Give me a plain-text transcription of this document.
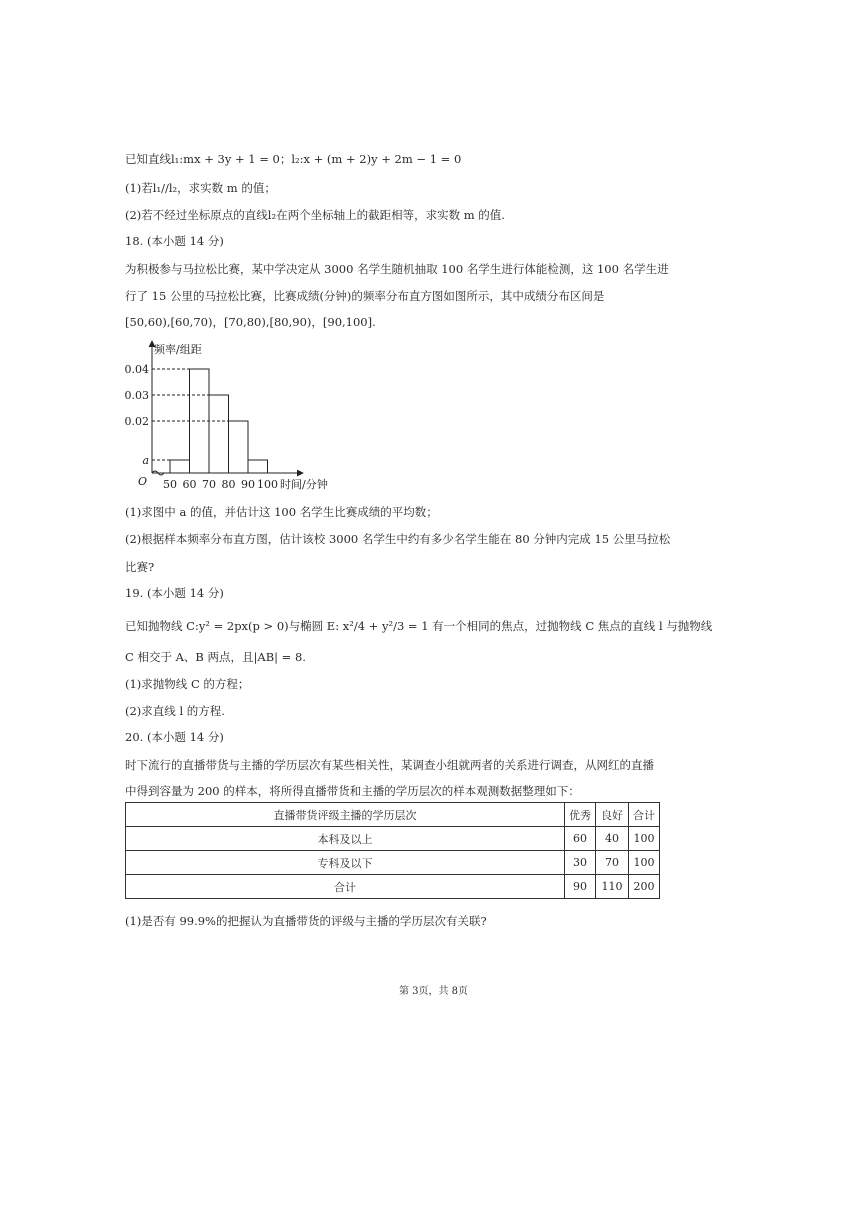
已知直线l₁:mx + 3y + 1 = 0；l₂:x + (m + 2)y + 2m − 1 = 0
(1)若l₁//l₂，求实数 m 的值；
(2)若不经过坐标原点的直线l₂在两个坐标轴上的截距相等，求实数 m 的值.
18. (本小题 14 分)
为积极参与马拉松比赛，某中学决定从 3000 名学生随机抽取 100 名学生进行体能检测，这 100 名学生进
行了 15 公里的马拉松比赛，比赛成绩(分钟)的频率分布直方图如图所示，其中成绩分布区间是
[50,60),[60,70)，[70,80),[80,90)，[90,100].
0.04
0.03
0.02
a
50 60 70 80 90 100
频率/组距
时间/分钟
O
(1)求图中 a 的值，并估计这 100 名学生比赛成绩的平均数；
(2)根据样本频率分布直方图，估计该校 3000 名学生中约有多少名学生能在 80 分钟内完成 15 公里马拉松
比赛?
19. (本小题 14 分)
已知抛物线 C:y² = 2px(p > 0)与椭圆 E: x²/4 + y²/3 = 1 有一个相同的焦点，过抛物线 C 焦点的直线 l 与抛物线
C 相交于 A、B 两点，且|AB| = 8.
(1)求抛物线 C 的方程；
(2)求直线 l 的方程.
20. (本小题 14 分)
时下流行的直播带货与主播的学历层次有某些相关性，某调查小组就两者的关系进行调查，从网红的直播
中得到容量为 200 的样本，将所得直播带货和主播的学历层次的样本观测数据整理如下：
直播带货评级主播的学历层次	优秀	良好	合计
本科及以上	60	40	100
专科及以下	30	70	100
合计	90	110	200
(1)是否有 99.9%的把握认为直播带货的评级与主播的学历层次有关联?
第 3页，共 8页
